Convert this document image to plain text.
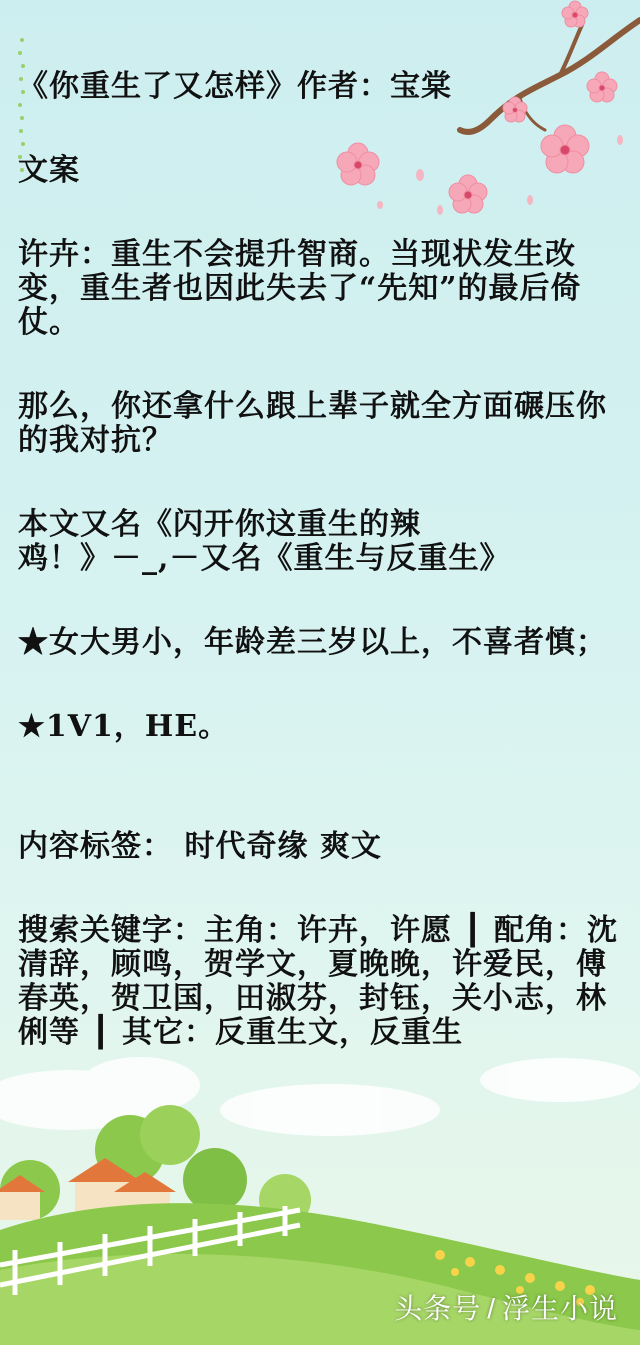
《你重生了又怎样》作者：宝棠

文案

许卉：重生不会提升智商。当现状发生改变，重生者也因此失去了“先知”的最后倚仗。

那么，你还拿什么跟上辈子就全方面碾压你的我对抗？

本文又名《闪开你这重生的辣
鸡！》－_,－又名《重生与反重生》

★女大男小，年龄差三岁以上，不喜者慎；

★1V1，HE。

内容标签： 时代奇缘 爽文

搜索关键字：主角：许卉，许愿 ┃ 配角：沈清辞，顾鸣，贺学文，夏晚晚，许爱民，傅春英，贺卫国，田淑芬，封钰，关小志，林俐等 ┃ 其它：反重生文，反重生

头条号 / 浮生小说
